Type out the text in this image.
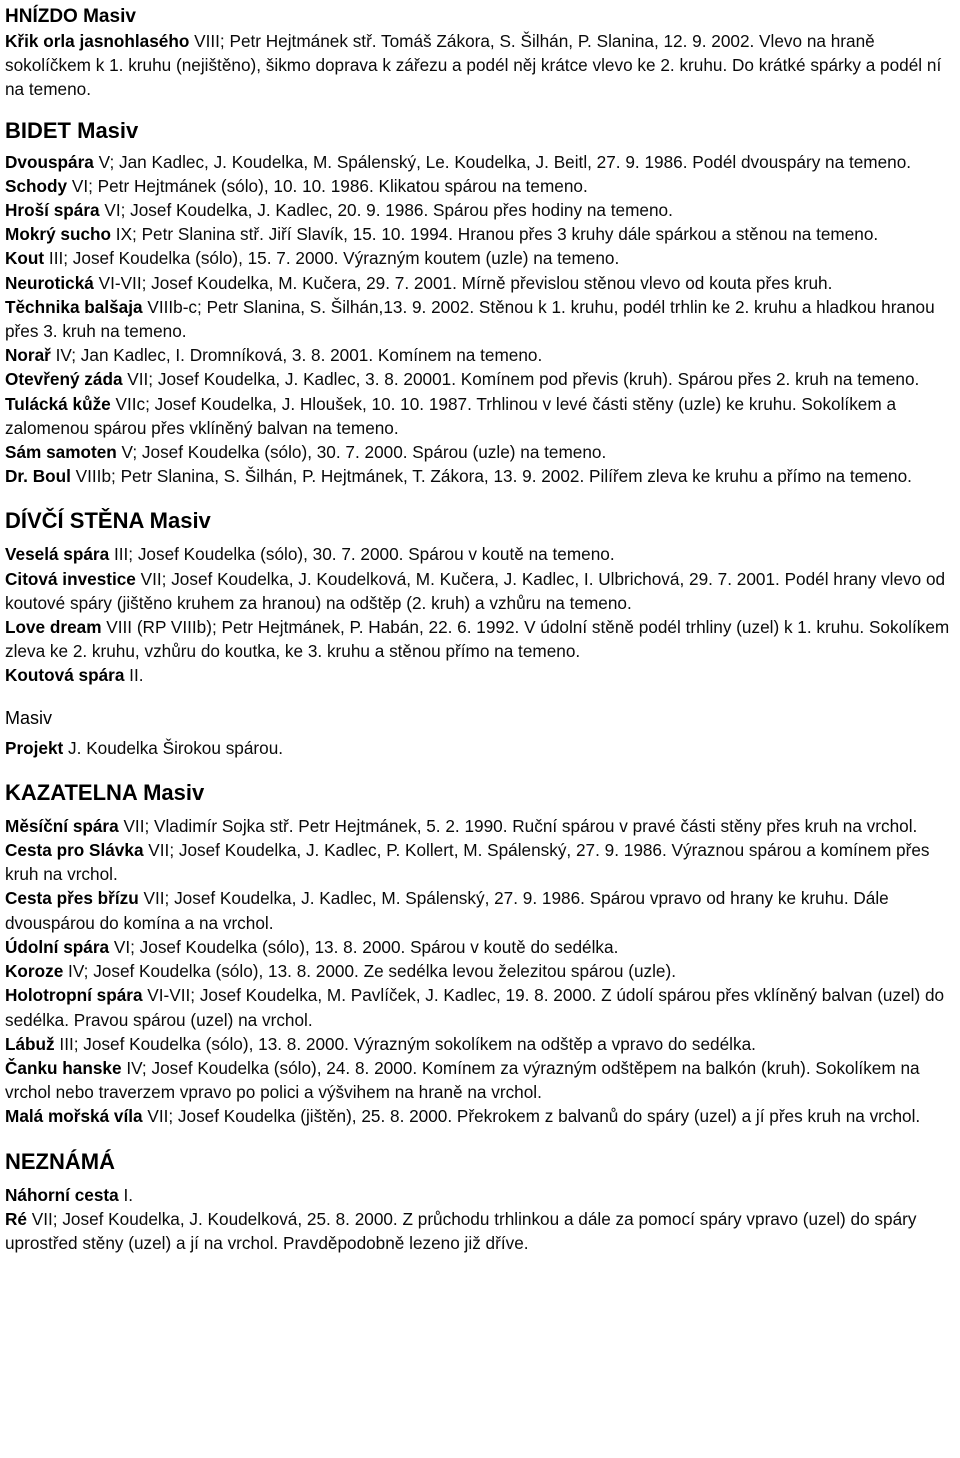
HNÍZDO Masiv

Křik orla jasnohlasého VIII; Petr Hejtmánek stř. Tomáš Zákora, S. Šilhán, P. Slanina, 12. 9. 2002. Vlevo na hraně sokolíčkem k 1. kruhu (nejištěno), šikmo doprava k zářezu a podél něj krátce vlevo ke 2. kruhu. Do krátké spárky a podél ní na temeno.

BIDET Masiv

Dvouspára V; Jan Kadlec, J. Koudelka, M. Spálenský, Le. Koudelka, J. Beitl, 27. 9. 1986. Podél dvouspáry na temeno.

Schody VI; Petr Hejtmánek (sólo), 10. 10. 1986. Klikatou spárou na temeno.

Hroší spára VI; Josef Koudelka, J. Kadlec, 20. 9. 1986. Spárou přes hodiny na temeno.

Mokrý sucho IX; Petr Slanina stř. Jiří Slavík, 15. 10. 1994. Hranou přes 3 kruhy dále spárkou a stěnou na temeno.

Kout III; Josef Koudelka (sólo), 15. 7. 2000. Výrazným koutem (uzle) na temeno.

Neurotická VI-VII; Josef Koudelka, M. Kučera, 29. 7. 2001. Mírně převislou stěnou vlevo od kouta přes kruh.

Těchnika balšaja VIIIb-c; Petr Slanina, S. Šilhán,13. 9. 2002. Stěnou k 1. kruhu, podél trhlin ke 2. kruhu a hladkou hranou přes 3. kruh na temeno.

Norař IV; Jan Kadlec, I. Dromníková, 3. 8. 2001. Komínem na temeno.

Otevřený záda VII; Josef Koudelka, J. Kadlec, 3. 8. 20001. Komínem pod převis (kruh). Spárou přes 2. kruh na temeno.

Tulácká kůže VIIc; Josef Koudelka, J. Hloušek, 10. 10. 1987. Trhlinou v levé části stěny (uzle) ke kruhu. Sokolíkem a zalomenou spárou přes vklíněný balvan na temeno.

Sám samoten V; Josef Koudelka (sólo), 30. 7. 2000. Spárou (uzle) na temeno.

Dr. Boul VIIIb; Petr Slanina, S. Šilhán, P. Hejtmánek, T. Zákora, 13. 9. 2002. Pilířem zleva ke kruhu a přímo na temeno.

DÍVČÍ STĚNA Masiv

Veselá spára III; Josef Koudelka (sólo), 30. 7. 2000. Spárou v koutě na temeno.

Citová investice VII; Josef Koudelka, J. Koudelková, M. Kučera, J. Kadlec, I. Ulbrichová, 29. 7. 2001. Podél hrany vlevo od koutové spáry (jištěno kruhem za hranou) na odštěp (2. kruh) a vzhůru na temeno.

Love dream VIII (RP VIIIb); Petr Hejtmánek, P. Habán, 22. 6. 1992. V údolní stěně podél trhliny (uzel) k 1. kruhu. Sokolíkem zleva ke 2. kruhu, vzhůru do koutka, ke 3. kruhu a stěnou přímo na temeno.

Koutová spára II.

Masiv

Projekt J. Koudelka Širokou spárou.

KAZATELNA Masiv

Měsíční spára VII; Vladimír Sojka stř. Petr Hejtmánek, 5. 2. 1990. Ruční spárou v pravé části stěny přes kruh na vrchol.

Cesta pro Slávka VII; Josef Koudelka, J. Kadlec, P. Kollert, M. Spálenský, 27. 9. 1986. Výraznou spárou a komínem přes kruh na vrchol.

Cesta přes břízu VII; Josef Koudelka, J. Kadlec, M. Spálenský, 27. 9. 1986. Spárou vpravo od hrany ke kruhu. Dále dvouspárou do komína a na vrchol.

Údolní spára VI; Josef Koudelka (sólo), 13. 8. 2000. Spárou v koutě do sedélka.

Koroze IV; Josef Koudelka (sólo), 13. 8. 2000. Ze sedélka levou železitou spárou (uzle).

Holotropní spára VI-VII; Josef Koudelka, M. Pavlíček, J. Kadlec, 19. 8. 2000. Z údolí spárou přes vklíněný balvan (uzel) do sedélka. Pravou spárou (uzel) na vrchol.

Lábuž III; Josef Koudelka (sólo), 13. 8. 2000. Výrazným sokolíkem na odštěp a vpravo do sedélka.

Čanku hanske IV; Josef Koudelka (sólo), 24. 8. 2000. Komínem za výrazným odštěpem na balkón (kruh). Sokolíkem na vrchol nebo traverzem vpravo po polici a výšvihem na hraně na vrchol.

Malá mořská víla VII; Josef Koudelka (jištěn), 25. 8. 2000. Překrokem z balvanů do spáry (uzel) a jí přes kruh na vrchol.

NEZNÁMÁ

Náhorní cesta I.

Ré VII; Josef Koudelka, J. Koudelková, 25. 8. 2000. Z průchodu trhlinkou a dále za pomocí spáry vpravo (uzel) do spáry uprostřed stěny (uzel) a jí na vrchol. Pravděpodobně lezeno již dříve.
